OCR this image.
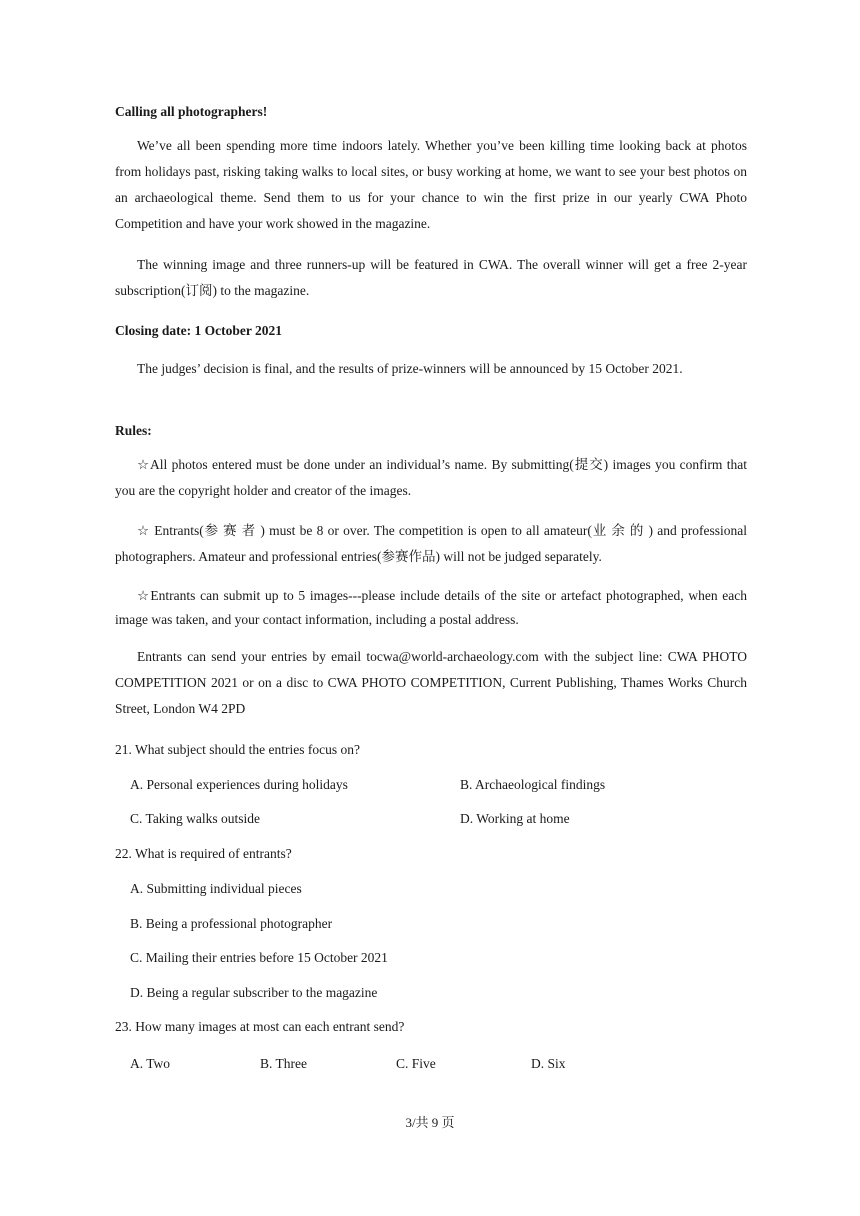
Calling all photographers!
We’ve all been spending more time indoors lately. Whether you’ve been killing time looking back at photos from holidays past, risking taking walks to local sites, or busy working at home, we want to see your best photos on an archaeological theme. Send them to us for your chance to win the first prize in our yearly CWA Photo Competition and have your work showed in the magazine.
The winning image and three runners-up will be featured in CWA. The overall winner will get a free 2-year subscription(订阅) to the magazine.
Closing date: 1 October 2021
The judges’ decision is final, and the results of prize-winners will be announced by 15 October 2021.
Rules:
☆All photos entered must be done under an individual’s name. By submitting(提交) images you confirm that you are the copyright holder and creator of the images.
☆ Entrants(参 赛 者 ) must be 8 or over. The competition is open to all amateur(业 余 的 ) and professional photographers. Amateur and professional entries(参赛作品) will not be judged separately.
☆Entrants can submit up to 5 images---please include details of the site or artefact photographed, when each image was taken, and your contact information, including a postal address.
Entrants can send your entries by email tocwa@world-archaeology.com with the subject line: CWA PHOTO COMPETITION 2021 or on a disc to CWA PHOTO COMPETITION, Current Publishing, Thames Works Church Street, London W4 2PD
21. What subject should the entries focus on?
A. Personal experiences during holidays	B. Archaeological findings
C. Taking walks outside	D. Working at home
22. What is required of entrants?
A. Submitting individual pieces
B. Being a professional photographer
C. Mailing their entries before 15 October 2021
D. Being a regular subscriber to the magazine
23. How many images at most can each entrant send?
A. Two	B. Three	C. Five	D. Six
3/共 9 页
